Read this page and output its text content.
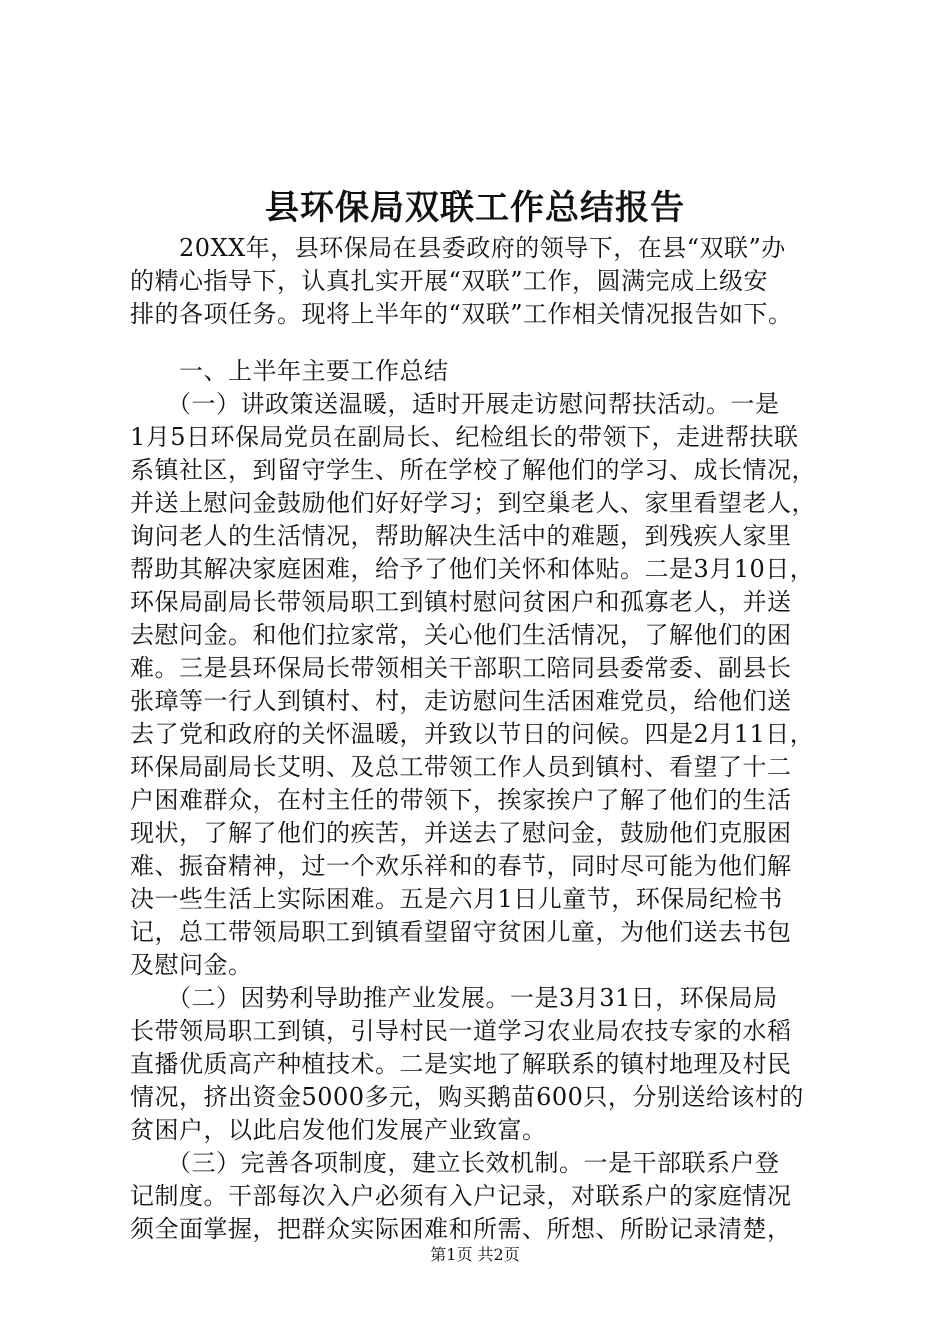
县环保局双联工作总结报告
　　20XX年，县环保局在县委政府的领导下，在县“双联”办
的精心指导下，认真扎实开展“双联”工作，圆满完成上级安
排的各项任务。现将上半年的“双联”工作相关情况报告如下。
　　一、上半年主要工作总结
　　（一）讲政策送温暖，适时开展走访慰问帮扶活动。一是
1月5日环保局党员在副局长、纪检组长的带领下，走进帮扶联
系镇社区，到留守学生、所在学校了解他们的学习、成长情况，
并送上慰问金鼓励他们好好学习；到空巢老人、家里看望老人，
询问老人的生活情况，帮助解决生活中的难题，到残疾人家里
帮助其解决家庭困难，给予了他们关怀和体贴。二是3月10日，
环保局副局长带领局职工到镇村慰问贫困户和孤寡老人，并送
去慰问金。和他们拉家常，关心他们生活情况，了解他们的困
难。三是县环保局长带领相关干部职工陪同县委常委、副县长
张璋等一行人到镇村、村，走访慰问生活困难党员，给他们送
去了党和政府的关怀温暖，并致以节日的问候。四是2月11日，
环保局副局长艾明、及总工带领工作人员到镇村、看望了十二
户困难群众，在村主任的带领下，挨家挨户了解了他们的生活
现状，了解了他们的疾苦，并送去了慰问金，鼓励他们克服困
难、振奋精神，过一个欢乐祥和的春节，同时尽可能为他们解
决一些生活上实际困难。五是六月1日儿童节，环保局纪检书
记，总工带领局职工到镇看望留守贫困儿童，为他们送去书包
及慰问金。
　　（二）因势利导助推产业发展。一是3月31日，环保局局
长带领局职工到镇，引导村民一道学习农业局农技专家的水稻
直播优质高产种植技术。二是实地了解联系的镇村地理及村民
情况，挤出资金5000多元，购买鹅苗600只，分别送给该村的
贫困户，以此启发他们发展产业致富。
　　（三）完善各项制度，建立长效机制。一是干部联系户登
记制度。干部每次入户必须有入户记录，对联系户的家庭情况
须全面掌握，把群众实际困难和所需、所想、所盼记录清楚，
第1页 共2页
